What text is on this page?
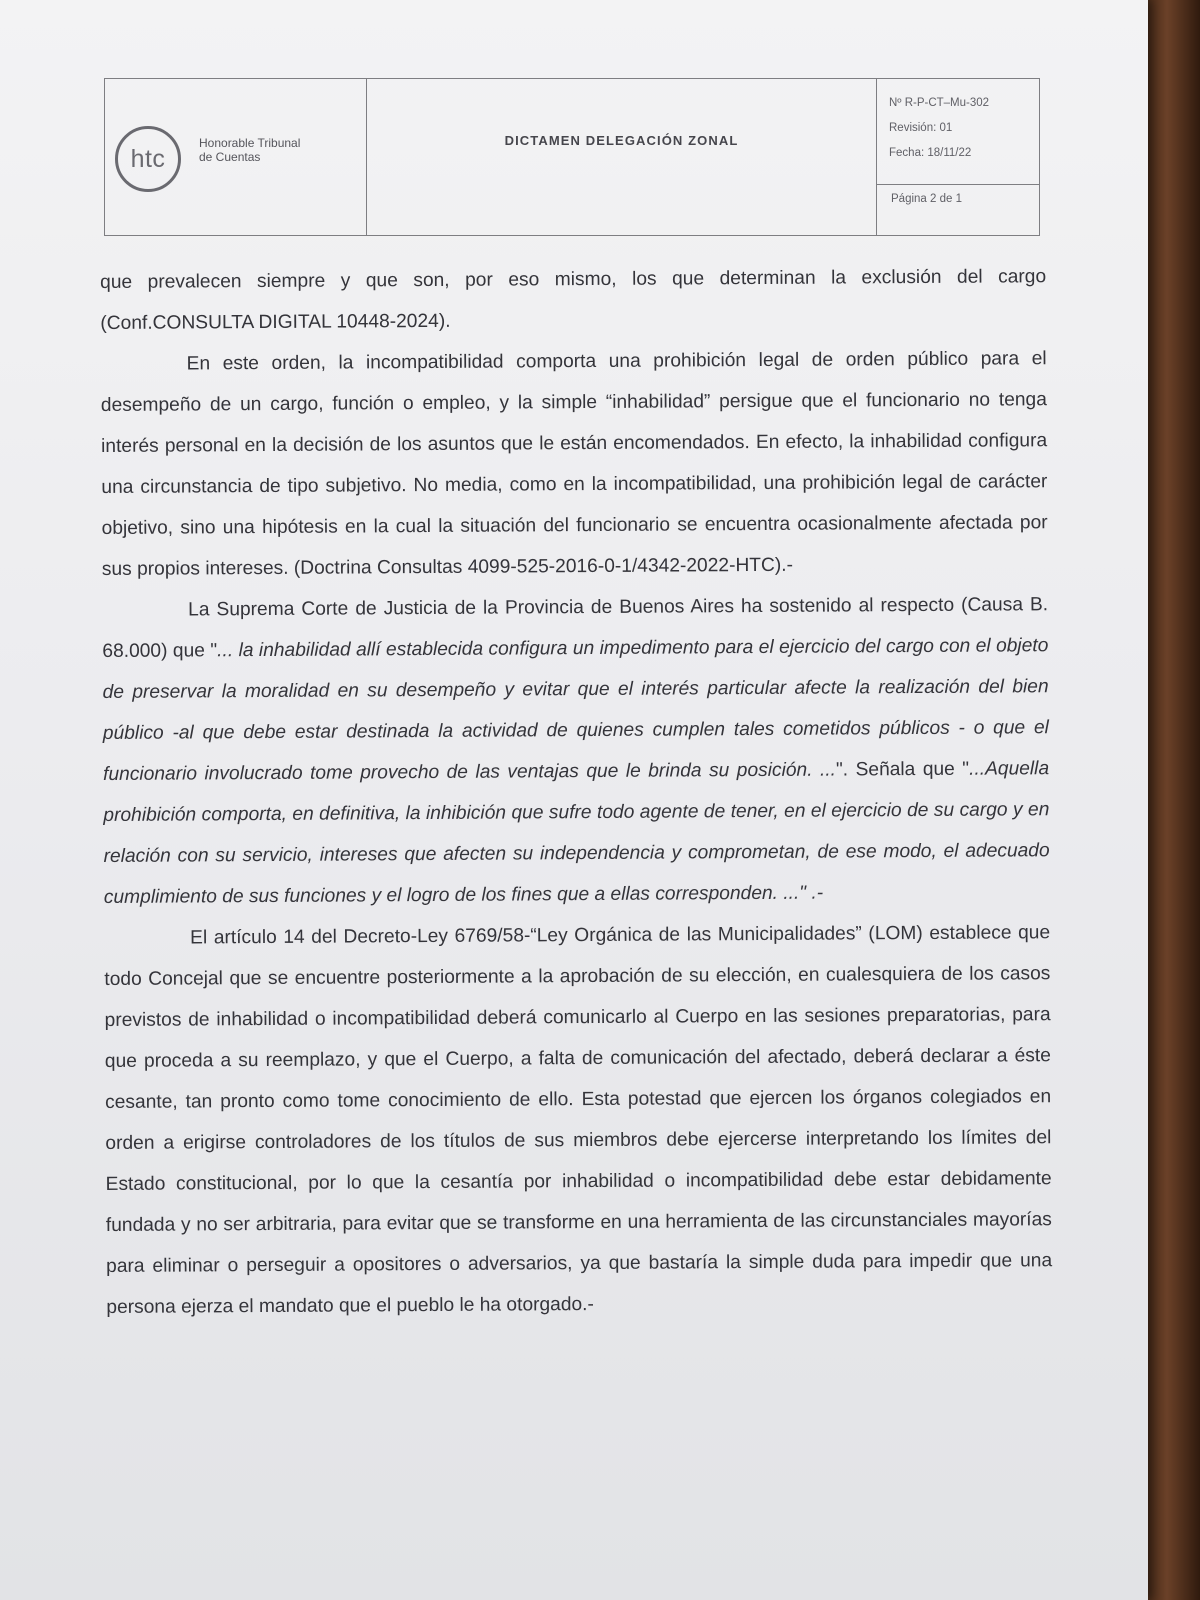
htc
Honorable Tribunal
de Cuentas
DICTAMEN DELEGACIÓN ZONAL
Nº R-P-CT–Mu-302
Revisión: 01
Fecha: 18/11/22
Página 2 de 1

que prevalecen siempre y que son, por eso mismo, los que determinan la exclusión del cargo (Conf.CONSULTA DIGITAL 10448-2024).

En este orden, la incompatibilidad comporta una prohibición legal de orden público para el desempeño de un cargo, función o empleo, y la simple “inhabilidad” persigue que el funcionario no tenga interés personal en la decisión de los asuntos que le están encomendados. En efecto, la inhabilidad configura una circunstancia de tipo subjetivo. No media, como en la incompatibilidad, una prohibición legal de carácter objetivo, sino una hipótesis en la cual la situación del funcionario se encuentra ocasionalmente afectada por sus propios intereses. (Doctrina Consultas 4099-525-2016-0-1/4342-2022-HTC).-

La Suprema Corte de Justicia de la Provincia de Buenos Aires ha sostenido al respecto (Causa B. 68.000) que "... la inhabilidad allí establecida configura un impedimento para el ejercicio del cargo con el objeto de preservar la moralidad en su desempeño y evitar que el interés particular afecte la realización del bien público -al que debe estar destinada la actividad de quienes cumplen tales cometidos públicos - o que el funcionario involucrado tome provecho de las ventajas que le brinda su posición. ...". Señala que "...Aquella prohibición comporta, en definitiva, la inhibición que sufre todo agente de tener, en el ejercicio de su cargo y en relación con su servicio, intereses que afecten su independencia y comprometan, de ese modo, el adecuado cumplimiento de sus funciones y el logro de los fines que a ellas corresponden. ..." .-

El artículo 14 del Decreto-Ley 6769/58-“Ley Orgánica de las Municipalidades” (LOM) establece que todo Concejal que se encuentre posteriormente a la aprobación de su elección, en cualesquiera de los casos previstos de inhabilidad o incompatibilidad deberá comunicarlo al Cuerpo en las sesiones preparatorias, para que proceda a su reemplazo, y que el Cuerpo, a falta de comunicación del afectado, deberá declarar a éste cesante, tan pronto como tome conocimiento de ello. Esta potestad que ejercen los órganos colegiados en orden a erigirse controladores de los títulos de sus miembros debe ejercerse interpretando los límites del Estado constitucional, por lo que la cesantía por inhabilidad o incompatibilidad debe estar debidamente fundada y no ser arbitraria, para evitar que se transforme en una herramienta de las circunstanciales mayorías para eliminar o perseguir a opositores o adversarios, ya que bastaría la simple duda para impedir que una persona ejerza el mandato que el pueblo le ha otorgado.-
